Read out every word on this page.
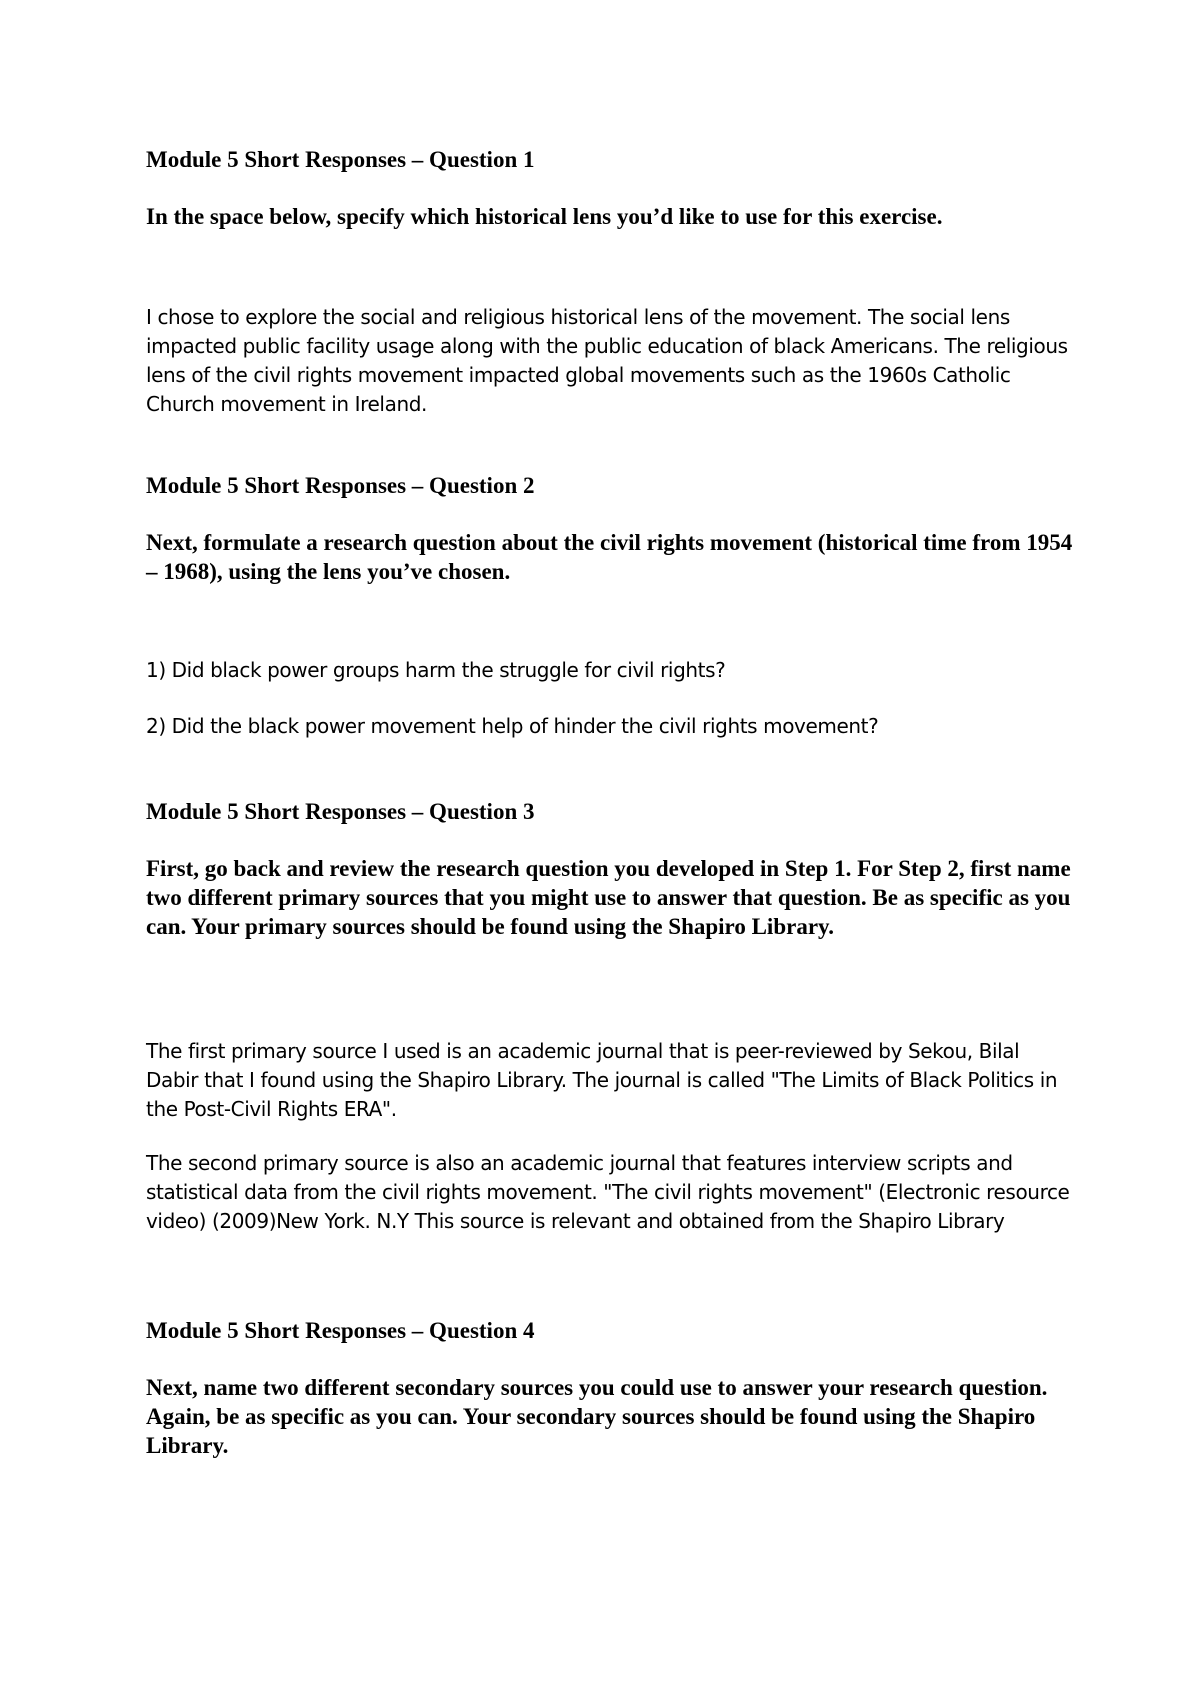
Module 5 Short Responses – Question 1

In the space below, specify which historical lens you’d like to use for this exercise.

I chose to explore the social and religious historical lens of the movement. The social lens impacted public facility usage along with the public education of black Americans. The religious lens of the civil rights movement impacted global movements such as the 1960s Catholic Church movement in Ireland.

Module 5 Short Responses – Question 2

Next, formulate a research question about the civil rights movement (historical time from 1954 – 1968), using the lens you’ve chosen.

1) Did black power groups harm the struggle for civil rights?

2) Did the black power movement help of hinder the civil rights movement?

Module 5 Short Responses – Question 3

First, go back and review the research question you developed in Step 1. For Step 2, first name two different primary sources that you might use to answer that question. Be as specific as you can. Your primary sources should be found using the Shapiro Library.

The first primary source I used is an academic journal that is peer-reviewed by Sekou, Bilal Dabir that I found using the Shapiro Library. The journal is called "The Limits of Black Politics in the Post-Civil Rights ERA".

The second primary source is also an academic journal that features interview scripts and statistical data from the civil rights movement. "The civil rights movement" (Electronic resource video) (2009)New York. N.Y This source is relevant and obtained from the Shapiro Library

Module 5 Short Responses – Question 4

Next, name two different secondary sources you could use to answer your research question. Again, be as specific as you can. Your secondary sources should be found using the Shapiro Library.
